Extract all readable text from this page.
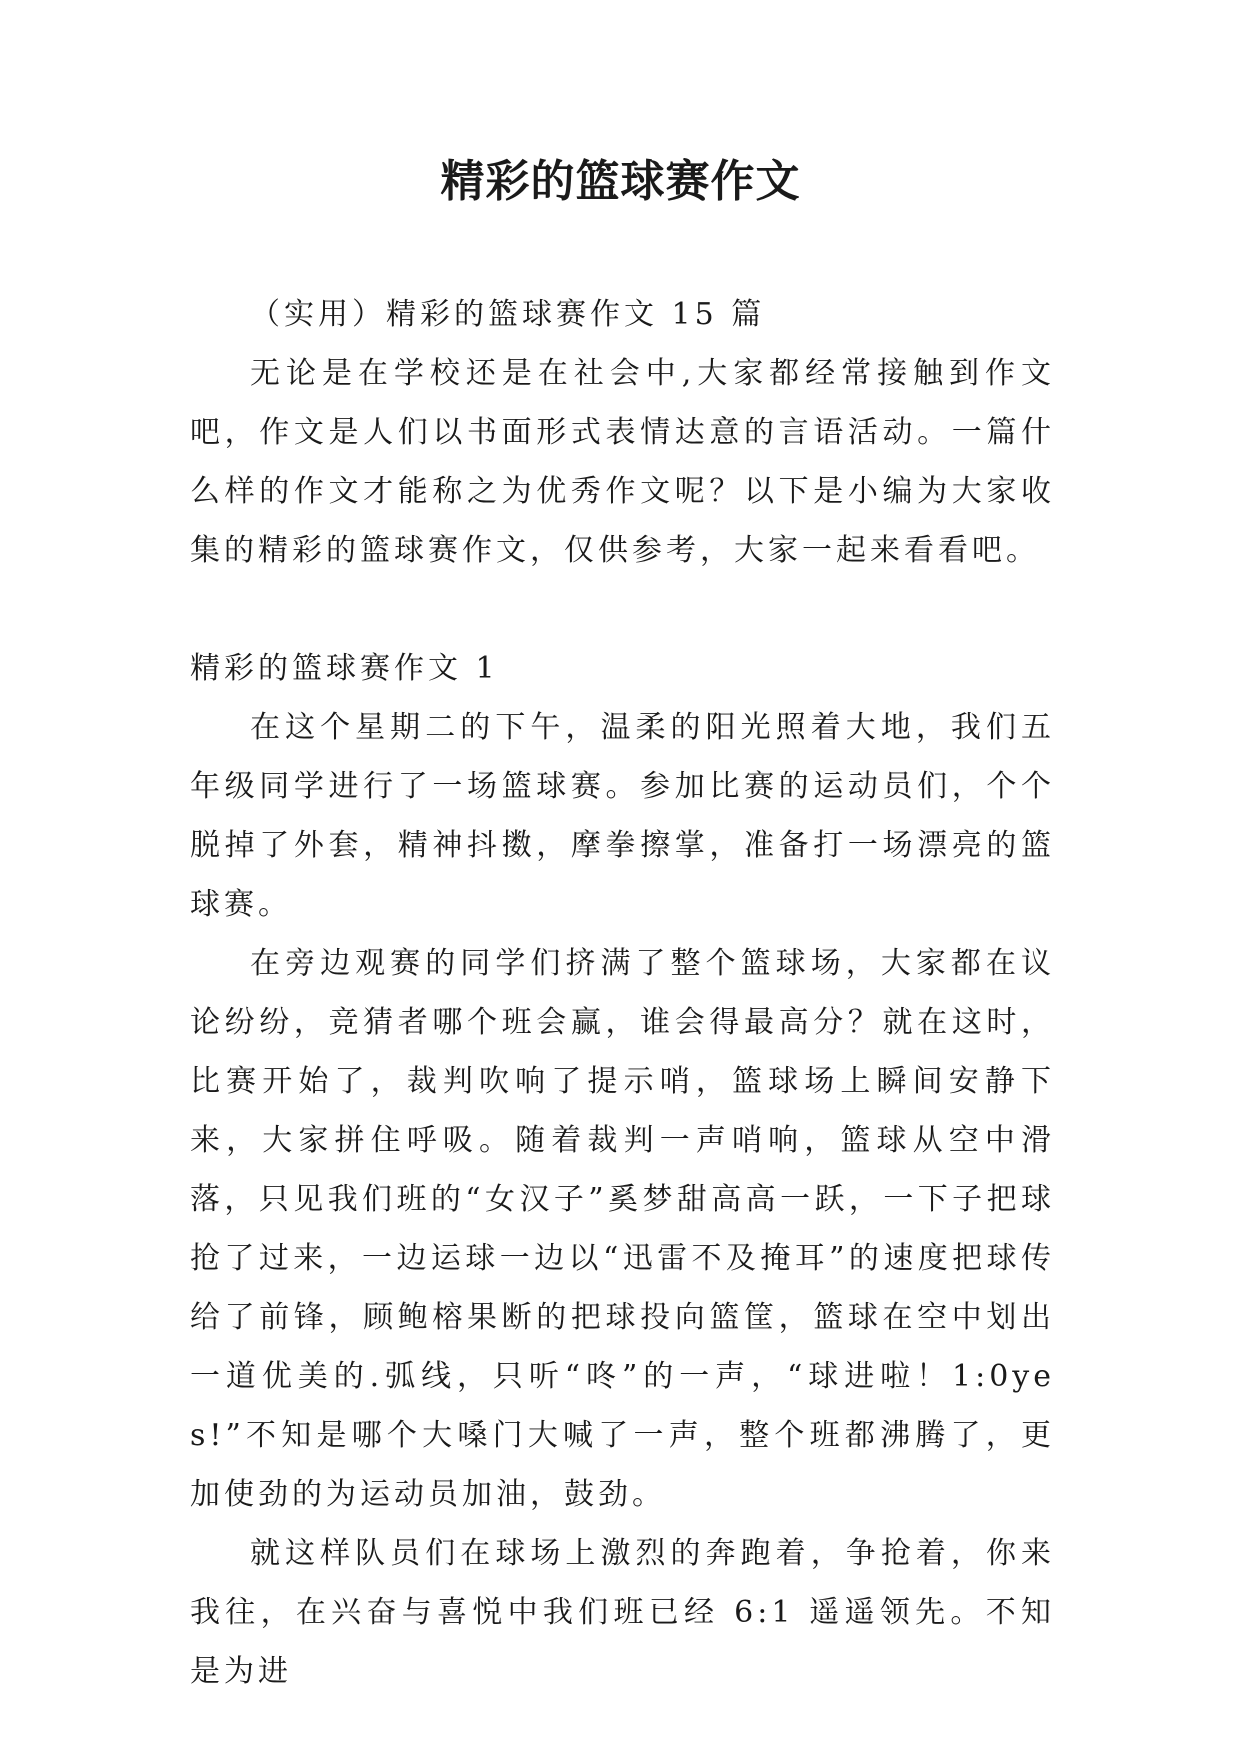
精彩的篮球赛作文

（实用）精彩的篮球赛作文 15 篇

无论是在学校还是在社会中,大家都经常接触到作文吧，作文是人们以书面形式表情达意的言语活动。一篇什么样的作文才能称之为优秀作文呢？以下是小编为大家收集的精彩的篮球赛作文，仅供参考，大家一起来看看吧。

精彩的篮球赛作文 1

在这个星期二的下午，温柔的阳光照着大地，我们五年级同学进行了一场篮球赛。参加比赛的运动员们，个个脱掉了外套，精神抖擞，摩拳擦掌，准备打一场漂亮的篮球赛。

在旁边观赛的同学们挤满了整个篮球场，大家都在议论纷纷，竞猜者哪个班会赢，谁会得最高分？就在这时，比赛开始了，裁判吹响了提示哨，篮球场上瞬间安静下来，大家拼住呼吸。随着裁判一声哨响，篮球从空中滑落，只见我们班的“女汉子”奚梦甜高高一跃，一下子把球抢了过来，一边运球一边以“迅雷不及掩耳”的速度把球传给了前锋，顾鲍榕果断的把球投向篮筐，篮球在空中划出一道优美的.弧线，只听“咚”的一声，“球进啦！1:0yes!”不知是哪个大嗓门大喊了一声，整个班都沸腾了，更加使劲的为运动员加油，鼓劲。

就这样队员们在球场上激烈的奔跑着，争抢着，你来我往，在兴奋与喜悦中我们班已经 6:1 遥遥领先。不知是为进
